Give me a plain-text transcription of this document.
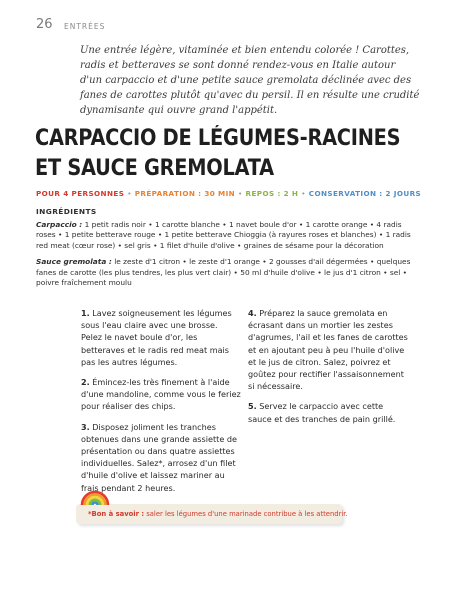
26 ENTRÉES

Une entrée légère, vitaminée et bien entendu colorée ! Carottes, radis et betteraves se sont donné rendez-vous en Italie autour d'un carpaccio et d'une petite sauce gremolata déclinée avec des fanes de carottes plutôt qu'avec du persil. Il en résulte une crudité dynamisante qui ouvre grand l'appétit.

CARPACCIO DE LÉGUMES-RACINES
ET SAUCE GREMOLATA
POUR 4 PERSONNES • PRÉPARATION : 30 MIN • REPOS : 2 H • CONSERVATION : 2 JOURS
INGRÉDIENTS

Carpaccio : 1 petit radis noir • 1 carotte blanche • 1 navet boule d'or • 1 carotte orange • 4 radis roses • 1 petite betterave rouge • 1 petite betterave Chioggia (à rayures roses et blanches) • 1 radis red meat (cœur rose) • sel gris • 1 filet d'huile d'olive • graines de sésame pour la décoration

Sauce gremolata : le zeste d'1 citron • le zeste d'1 orange • 2 gousses d'ail dégermées • quelques fanes de carotte (les plus tendres, les plus vert clair) • 50 ml d'huile d'olive • le jus d'1 citron • sel • poivre fraîchement moulu

1. Lavez soigneusement les légumes sous l'eau claire avec une brosse. Pelez le navet boule d'or, les betteraves et le radis red meat mais pas les autres légumes.

2. Émincez-les très finement à l'aide d'une mandoline, comme vous le feriez pour réaliser des chips.

3. Disposez joliment les tranches obtenues dans une grande assiette de présentation ou dans quatre assiettes individuelles. Salez*, arrosez d'un filet d'huile d'olive et laissez mariner au frais pendant 2 heures.

4. Préparez la sauce gremolata en écrasant dans un mortier les zestes d'agrumes, l'ail et les fanes de carottes et en ajoutant peu à peu l'huile d'olive et le jus de citron. Salez, poivrez et goûtez pour rectifier l'assaisonnement si nécessaire.

5. Servez le carpaccio avec cette sauce et des tranches de pain grillé.

*Bon à savoir : saler les légumes d'une marinade contribue à les attendrir.
